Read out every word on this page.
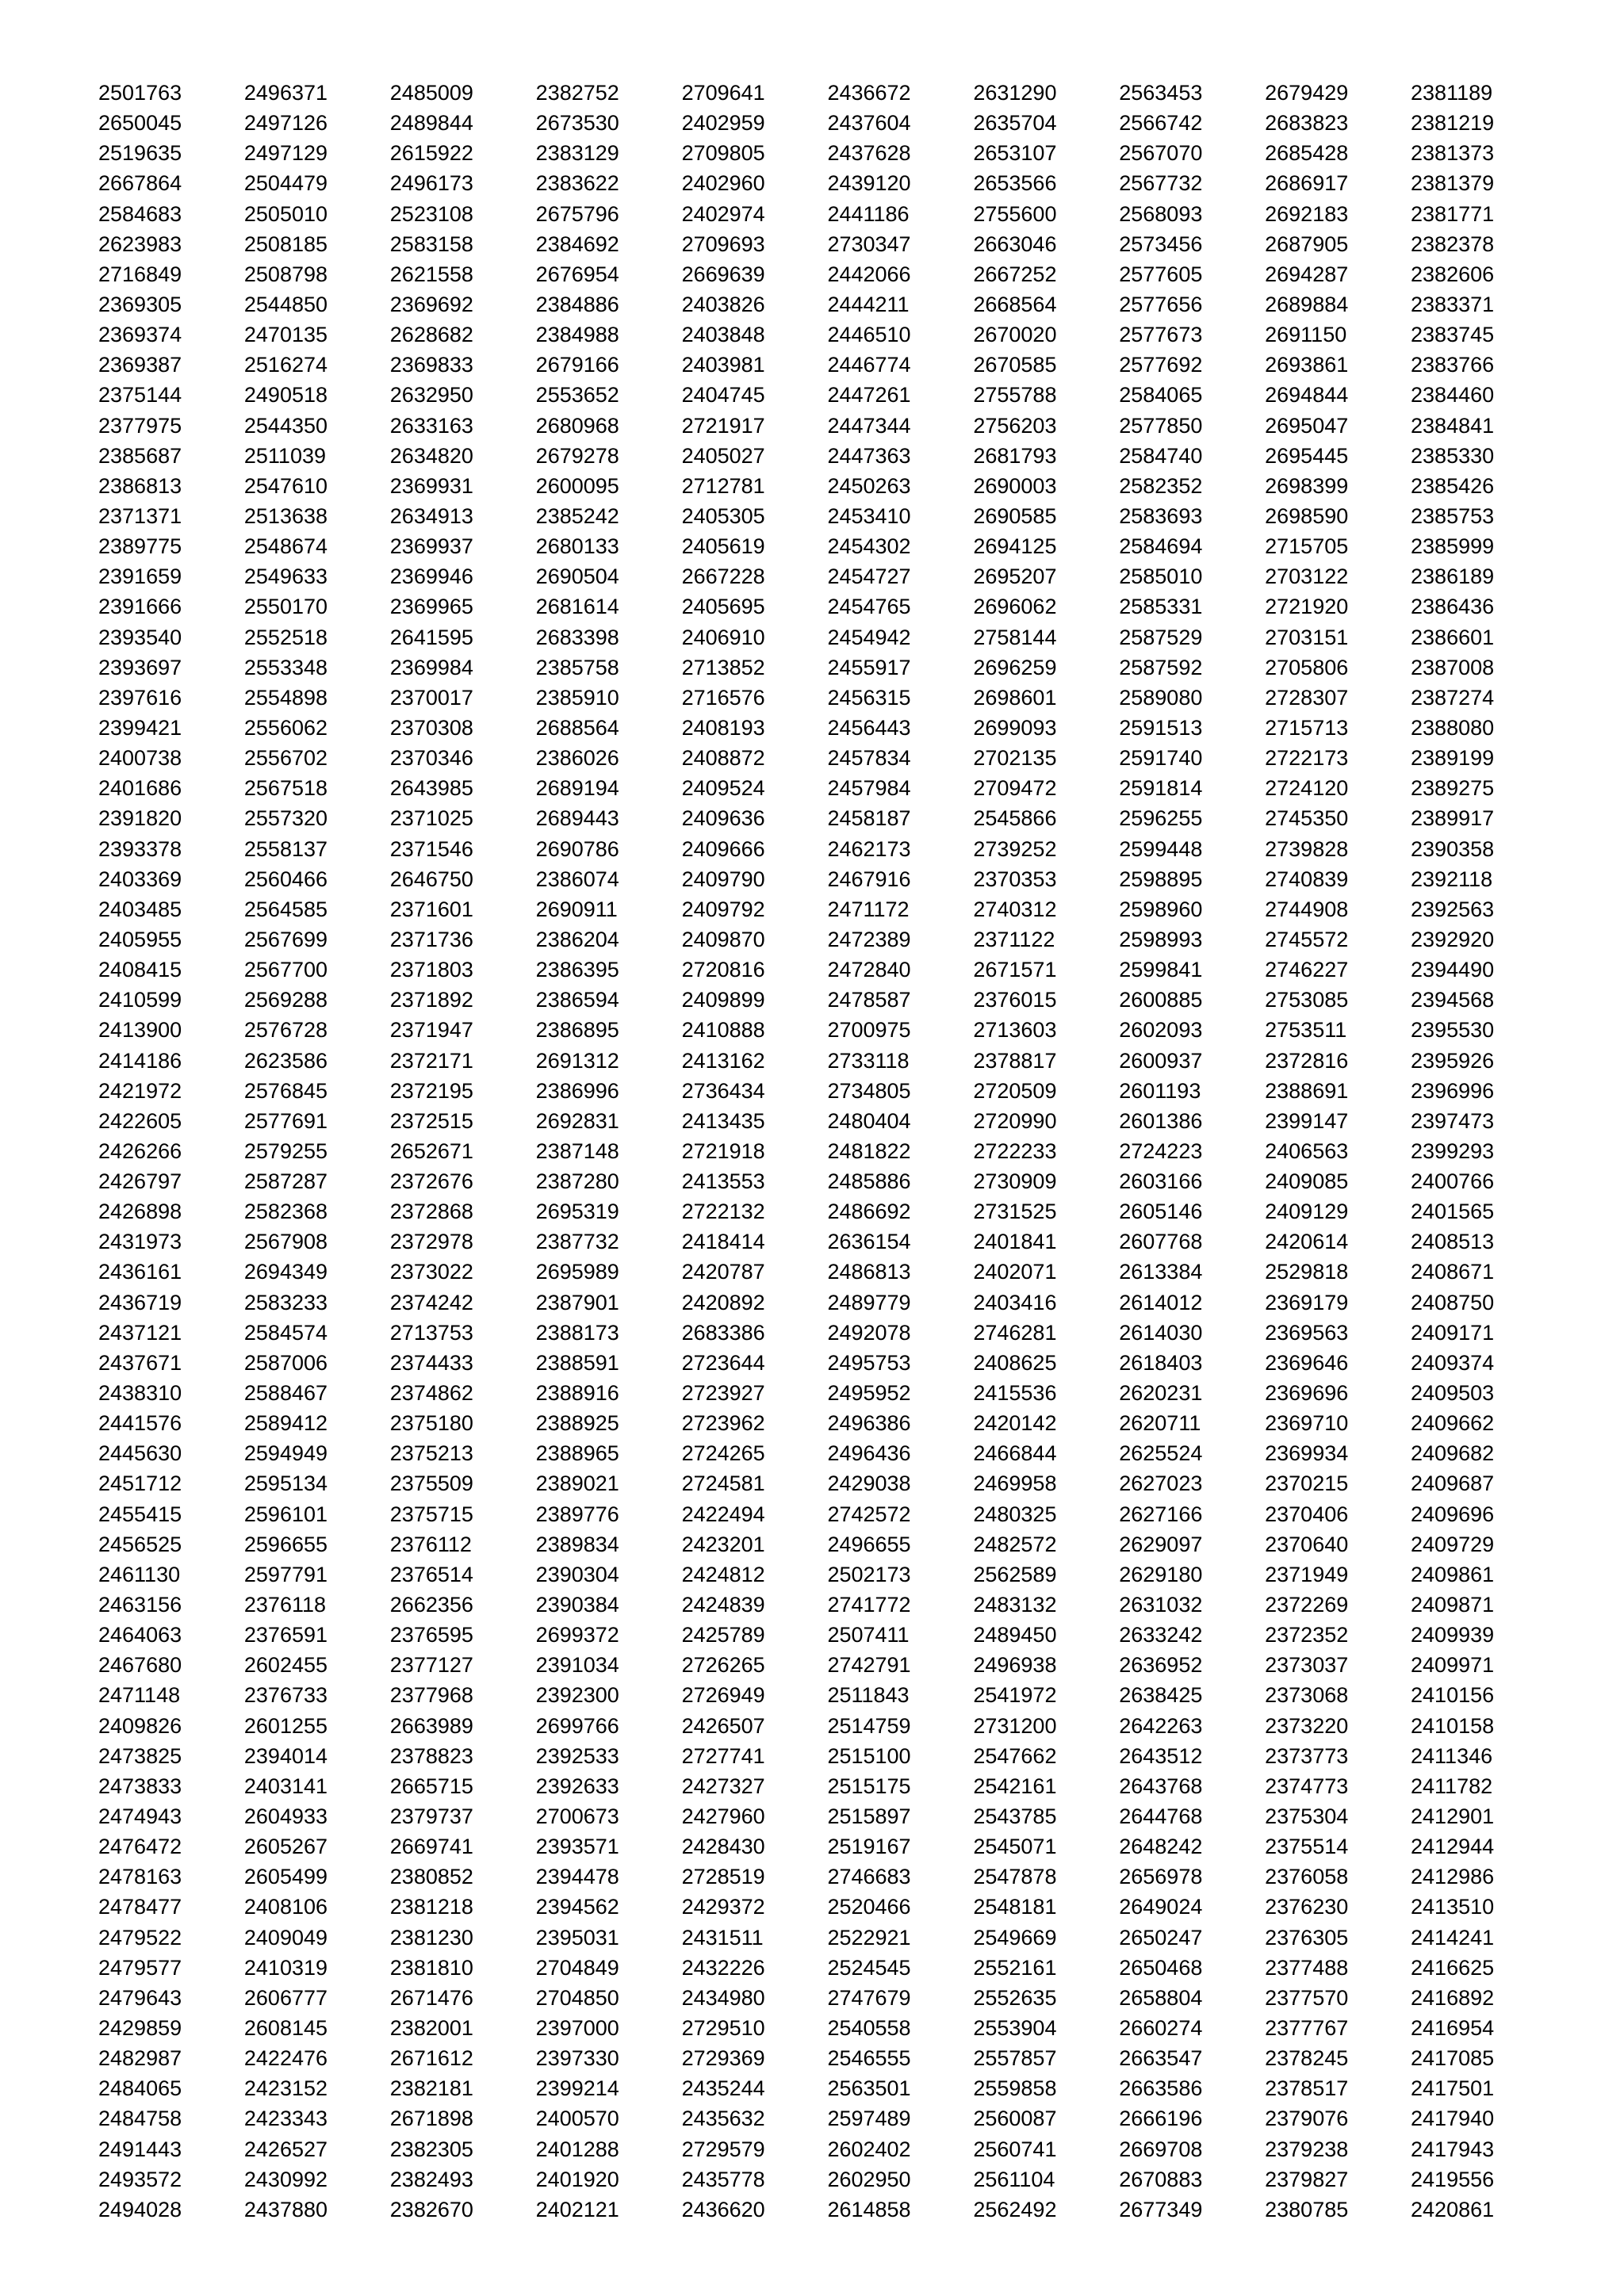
2501763	2496371	2485009	2382752	2709641	2436672	2631290	2563453	2679429	2381189
2650045	2497126	2489844	2673530	2402959	2437604	2635704	2566742	2683823	2381219
2519635	2497129	2615922	2383129	2709805	2437628	2653107	2567070	2685428	2381373
2667864	2504479	2496173	2383622	2402960	2439120	2653566	2567732	2686917	2381379
2584683	2505010	2523108	2675796	2402974	2441186	2755600	2568093	2692183	2381771
2623983	2508185	2583158	2384692	2709693	2730347	2663046	2573456	2687905	2382378
2716849	2508798	2621558	2676954	2669639	2442066	2667252	2577605	2694287	2382606
2369305	2544850	2369692	2384886	2403826	2444211	2668564	2577656	2689884	2383371
2369374	2470135	2628682	2384988	2403848	2446510	2670020	2577673	2691150	2383745
2369387	2516274	2369833	2679166	2403981	2446774	2670585	2577692	2693861	2383766
2375144	2490518	2632950	2553652	2404745	2447261	2755788	2584065	2694844	2384460
2377975	2544350	2633163	2680968	2721917	2447344	2756203	2577850	2695047	2384841
2385687	2511039	2634820	2679278	2405027	2447363	2681793	2584740	2695445	2385330
2386813	2547610	2369931	2600095	2712781	2450263	2690003	2582352	2698399	2385426
2371371	2513638	2634913	2385242	2405305	2453410	2690585	2583693	2698590	2385753
2389775	2548674	2369937	2680133	2405619	2454302	2694125	2584694	2715705	2385999
2391659	2549633	2369946	2690504	2667228	2454727	2695207	2585010	2703122	2386189
2391666	2550170	2369965	2681614	2405695	2454765	2696062	2585331	2721920	2386436
2393540	2552518	2641595	2683398	2406910	2454942	2758144	2587529	2703151	2386601
2393697	2553348	2369984	2385758	2713852	2455917	2696259	2587592	2705806	2387008
2397616	2554898	2370017	2385910	2716576	2456315	2698601	2589080	2728307	2387274
2399421	2556062	2370308	2688564	2408193	2456443	2699093	2591513	2715713	2388080
2400738	2556702	2370346	2386026	2408872	2457834	2702135	2591740	2722173	2389199
2401686	2567518	2643985	2689194	2409524	2457984	2709472	2591814	2724120	2389275
2391820	2557320	2371025	2689443	2409636	2458187	2545866	2596255	2745350	2389917
2393378	2558137	2371546	2690786	2409666	2462173	2739252	2599448	2739828	2390358
2403369	2560466	2646750	2386074	2409790	2467916	2370353	2598895	2740839	2392118
2403485	2564585	2371601	2690911	2409792	2471172	2740312	2598960	2744908	2392563
2405955	2567699	2371736	2386204	2409870	2472389	2371122	2598993	2745572	2392920
2408415	2567700	2371803	2386395	2720816	2472840	2671571	2599841	2746227	2394490
2410599	2569288	2371892	2386594	2409899	2478587	2376015	2600885	2753085	2394568
2413900	2576728	2371947	2386895	2410888	2700975	2713603	2602093	2753511	2395530
2414186	2623586	2372171	2691312	2413162	2733118	2378817	2600937	2372816	2395926
2421972	2576845	2372195	2386996	2736434	2734805	2720509	2601193	2388691	2396996
2422605	2577691	2372515	2692831	2413435	2480404	2720990	2601386	2399147	2397473
2426266	2579255	2652671	2387148	2721918	2481822	2722233	2724223	2406563	2399293
2426797	2587287	2372676	2387280	2413553	2485886	2730909	2603166	2409085	2400766
2426898	2582368	2372868	2695319	2722132	2486692	2731525	2605146	2409129	2401565
2431973	2567908	2372978	2387732	2418414	2636154	2401841	2607768	2420614	2408513
2436161	2694349	2373022	2695989	2420787	2486813	2402071	2613384	2529818	2408671
2436719	2583233	2374242	2387901	2420892	2489779	2403416	2614012	2369179	2408750
2437121	2584574	2713753	2388173	2683386	2492078	2746281	2614030	2369563	2409171
2437671	2587006	2374433	2388591	2723644	2495753	2408625	2618403	2369646	2409374
2438310	2588467	2374862	2388916	2723927	2495952	2415536	2620231	2369696	2409503
2441576	2589412	2375180	2388925	2723962	2496386	2420142	2620711	2369710	2409662
2445630	2594949	2375213	2388965	2724265	2496436	2466844	2625524	2369934	2409682
2451712	2595134	2375509	2389021	2724581	2429038	2469958	2627023	2370215	2409687
2455415	2596101	2375715	2389776	2422494	2742572	2480325	2627166	2370406	2409696
2456525	2596655	2376112	2389834	2423201	2496655	2482572	2629097	2370640	2409729
2461130	2597791	2376514	2390304	2424812	2502173	2562589	2629180	2371949	2409861
2463156	2376118	2662356	2390384	2424839	2741772	2483132	2631032	2372269	2409871
2464063	2376591	2376595	2699372	2425789	2507411	2489450	2633242	2372352	2409939
2467680	2602455	2377127	2391034	2726265	2742791	2496938	2636952	2373037	2409971
2471148	2376733	2377968	2392300	2726949	2511843	2541972	2638425	2373068	2410156
2409826	2601255	2663989	2699766	2426507	2514759	2731200	2642263	2373220	2410158
2473825	2394014	2378823	2392533	2727741	2515100	2547662	2643512	2373773	2411346
2473833	2403141	2665715	2392633	2427327	2515175	2542161	2643768	2374773	2411782
2474943	2604933	2379737	2700673	2427960	2515897	2543785	2644768	2375304	2412901
2476472	2605267	2669741	2393571	2428430	2519167	2545071	2648242	2375514	2412944
2478163	2605499	2380852	2394478	2728519	2746683	2547878	2656978	2376058	2412986
2478477	2408106	2381218	2394562	2429372	2520466	2548181	2649024	2376230	2413510
2479522	2409049	2381230	2395031	2431511	2522921	2549669	2650247	2376305	2414241
2479577	2410319	2381810	2704849	2432226	2524545	2552161	2650468	2377488	2416625
2479643	2606777	2671476	2704850	2434980	2747679	2552635	2658804	2377570	2416892
2429859	2608145	2382001	2397000	2729510	2540558	2553904	2660274	2377767	2416954
2482987	2422476	2671612	2397330	2729369	2546555	2557857	2663547	2378245	2417085
2484065	2423152	2382181	2399214	2435244	2563501	2559858	2663586	2378517	2417501
2484758	2423343	2671898	2400570	2435632	2597489	2560087	2666196	2379076	2417940
2491443	2426527	2382305	2401288	2729579	2602402	2560741	2669708	2379238	2417943
2493572	2430992	2382493	2401920	2435778	2602950	2561104	2670883	2379827	2419556
2494028	2437880	2382670	2402121	2436620	2614858	2562492	2677349	2380785	2420861
